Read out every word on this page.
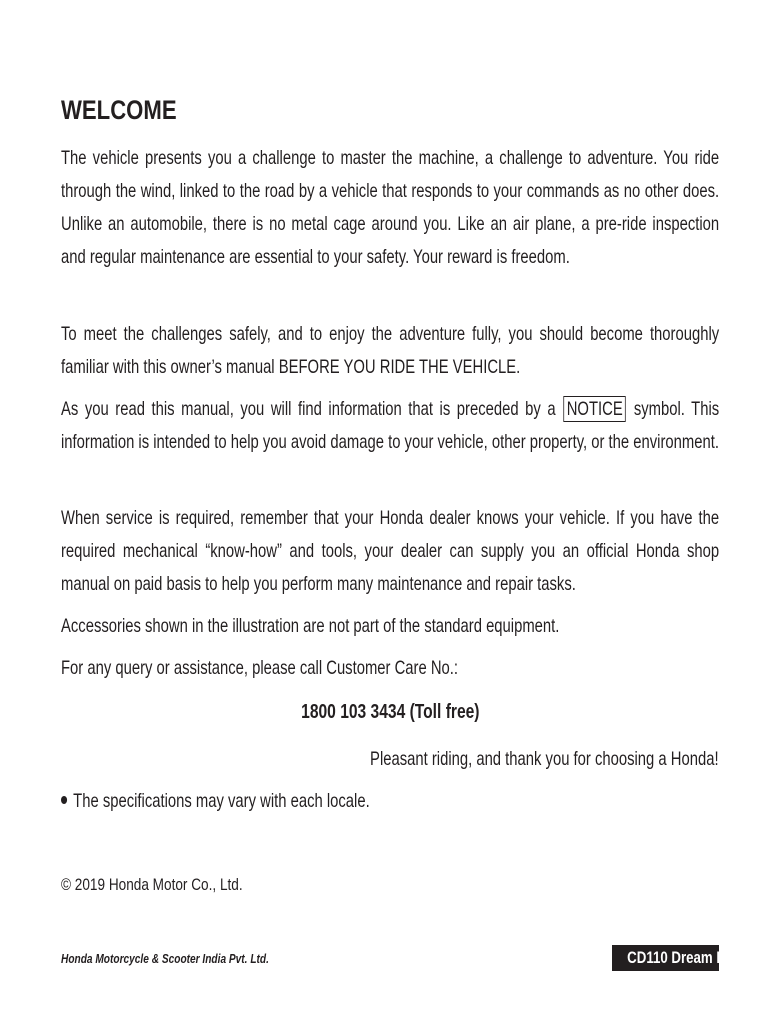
WELCOME

The vehicle presents you a challenge to master the machine, a challenge to adventure. You ride through the wind, linked to the road by a vehicle that responds to your commands as no other does. Unlike an automobile, there is no metal cage around you. Like an air plane, a pre-ride inspection and regular maintenance are essential to your safety. Your reward is freedom.

To meet the challenges safely, and to enjoy the adventure fully, you should become thoroughly familiar with this owner’s manual BEFORE YOU RIDE THE VEHICLE.

As you read this manual, you will find information that is preceded by a NOTICE symbol. This information is intended to help you avoid damage to your vehicle, other property, or the environment.

When service is required, remember that your Honda dealer knows your vehicle. If you have the required mechanical “know-how” and tools, your dealer can supply you an official Honda shop manual on paid basis to help you perform many maintenance and repair tasks.

Accessories shown in the illustration are not part of the standard equipment.

For any query or assistance, please call Customer Care No.:

1800 103 3434 (Toll free)
Pleasant riding, and thank you for choosing a Honda!
The specifications may vary with each locale.
© 2019 Honda Motor Co., Ltd.
Honda Motorcycle & Scooter India Pvt. Ltd.	CD110 Dream DX
